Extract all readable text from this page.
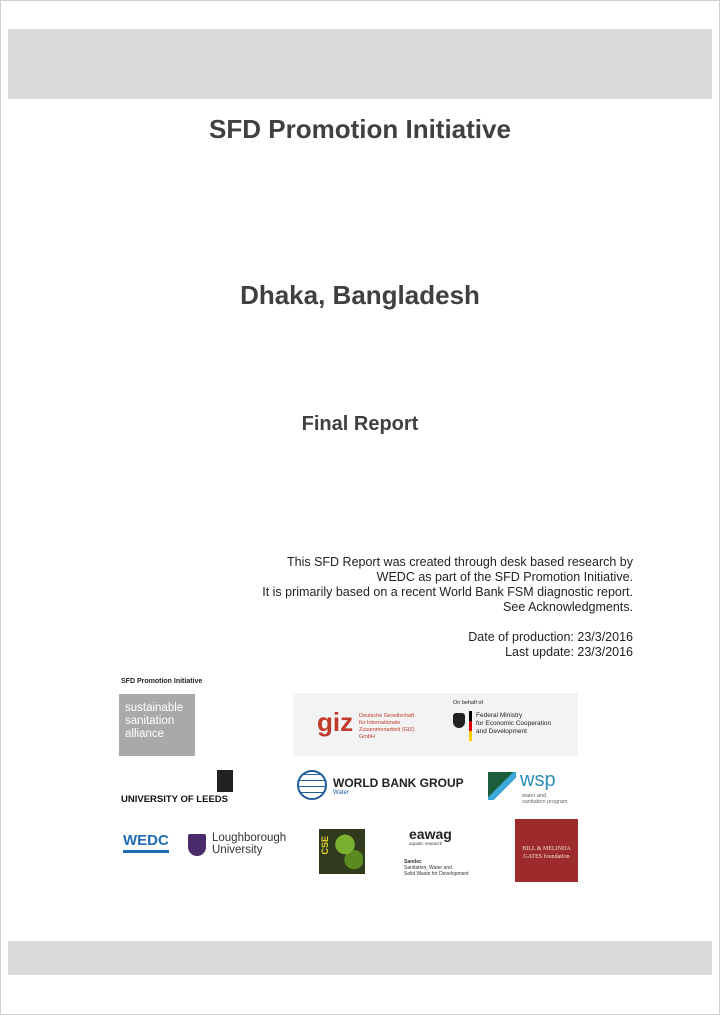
SFD Promotion Initiative
Dhaka, Bangladesh
Final Report
This SFD Report was created through desk based research by
WEDC as part of the SFD Promotion Initiative.
It is primarily based on a recent World Bank FSM diagnostic report.
See Acknowledgments.
Date of production: 23/3/2016
Last update: 23/3/2016
SFD Promotion Initiative
sustainable
sanitation
alliance	giz Deutsche Gesellschaft
für Internationale
Zusammenarbeit (GIZ) GmbH
On behalf of
Federal Ministry
for Economic Cooperation
and Development
UNIVERSITY OF LEEDS
WORLD BANK GROUP
Water
wsp
water and
sanitation program
WEDC	Loughborough
University	CSE
eawag
aquatic research
Sandec
Sanitation, Water and
Solid Waste for Development
BILL & MELINDA
GATES foundation
